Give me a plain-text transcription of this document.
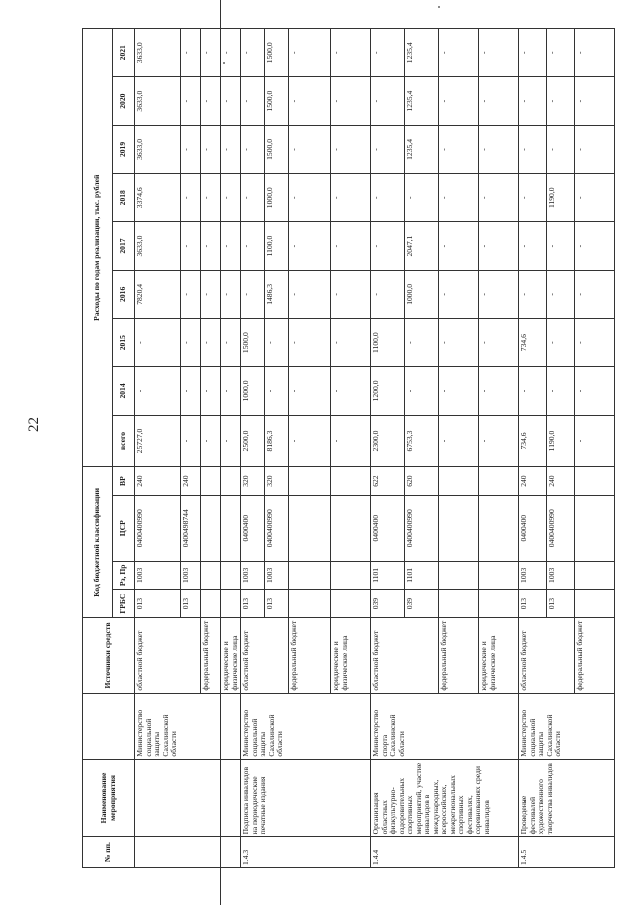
22
№ пп.	Наименование мероприятия		Источники средств	Код бюджетной классификации				Расходы по годам реализации, тыс. рублей								
				ГРБС	Рз, Пр	ЦСР	ВР	всего	2014	2015	2016	2017	2018	2019	2020	2021
		Министерство социальной защиты Сахалинской области	областной бюджет	013	1003	0400400990	240	25727,0	-	-	7820,4	3633,0	3374,6	3633,0	3633,0	3633,0
				013	1003	0400498744	240	-	-	-	-	-	-	-	-	-
			федеральный бюджет					-	-	-	-	-	-	-	-	-
			юридические и физические лица					-	-	-	-	-	-	-	-	-
1.4.3	Подписка инвалидов на периодические печатные издания	Министерство социальной защиты Сахалинской области	областной бюджет	013	1003	0400400	320	2500,0	1000,0	1500,0	-	-	-	-	-	-
				013	1003	0400400990	320	8186,3	-	-	1486,3	1100,0	1000,0	1500,0	1500,0	1500,0
			федеральный бюджет					-	-	-	-	-	-	-	-	-
			юридические и физические лица					-	-	-	-	-	-	-	-	-
1.4.4	Организация областных физкультурно-оздоровительных спортивных мероприятий, участие инвалидов в международных, всероссийских, межрегиональных спортивных фестивалях, соревнованиях среди инвалидов	Министерство спорта Сахалинской области	областной бюджет	039	1101	0400400	622	2300,0	1200,0	1100,0	-	-	-	-	-	-
				039	1101	0400400990	620	6753,3	-	-	1000,0	2047,1	-	1235,4	1235,4	1235,4
			федеральный бюджет					-	-	-	-	-	-	-	-	-
			юридические и физические лица					-	-	-	-	-	-	-	-	-
1.4.5	Проведение фестивалей художественного творчества инвалидов	Министерство социальной защиты Сахалинской области	областной бюджет	013	1003	0400400	240	734,6	-	734,6	-	-	-	-	-	-
				013	1003	0400400990	240	1190,0	-	-	-	-	1190,0	-	-	-
			федеральный бюджет					-	-	-	-	-	-	-	-	-
